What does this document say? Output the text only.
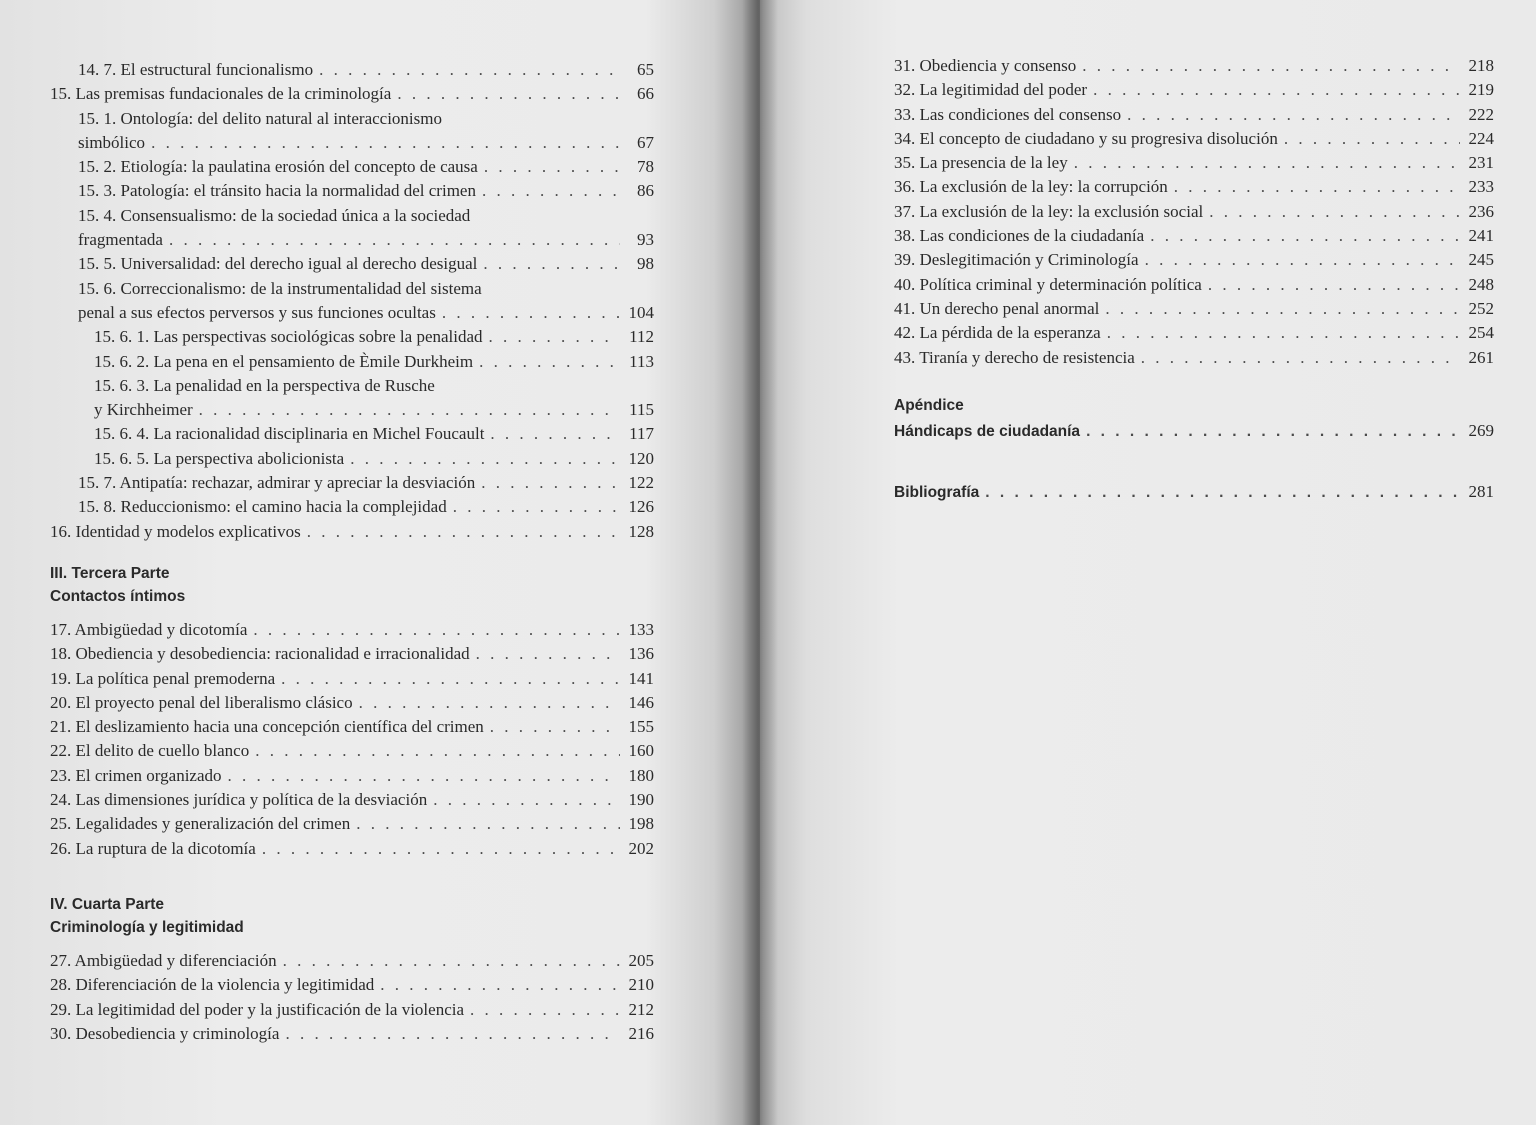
14. 7. El estructural funcionalismo . . .	65
15. Las premisas fundacionales de la criminología . . .	66
15. 1. Ontología: del delito natural al interaccionismo
simbólico . . .	67
15. 2. Etiología: la paulatina erosión del concepto de causa . . .	78
15. 3. Patología: el tránsito hacia la normalidad del crimen . . .	86
15. 4. Consensualismo: de la sociedad única a la sociedad
fragmentada . . .	93
15. 5. Universalidad: del derecho igual al derecho desigual . . .	98
15. 6. Correccionalismo: de la instrumentalidad del sistema
penal a sus efectos perversos y sus funciones ocultas . . .	104
15. 6. 1. Las perspectivas sociológicas sobre la penalidad . . .	112
15. 6. 2. La pena en el pensamiento de Èmile Durkheim . . .	113
15. 6. 3. La penalidad en la perspectiva de Rusche
y Kirchheimer . . .	115
15. 6. 4. La racionalidad disciplinaria en Michel Foucault . . .	117
15. 6. 5. La perspectiva abolicionista . . .	120
15. 7. Antipatía: rechazar, admirar y apreciar la desviación . . .	122
15. 8. Reduccionismo: el camino hacia la complejidad . . .	126
16. Identidad y modelos explicativos . . .	128
III. Tercera Parte
Contactos íntimos
17. Ambigüedad y dicotomía . . .	133
18. Obediencia y desobediencia: racionalidad e irracionalidad . . .	136
19. La política penal premoderna . . .	141
20. El proyecto penal del liberalismo clásico . . .	146
21. El deslizamiento hacia una concepción científica del crimen . . .	155
22. El delito de cuello blanco . . .	160
23. El crimen organizado . . .	180
24. Las dimensiones jurídica y política de la desviación . . .	190
25. Legalidades y generalización del crimen . . .	198
26. La ruptura de la dicotomía . . .	202
IV. Cuarta Parte
Criminología y legitimidad
27. Ambigüedad y diferenciación . . .	205
28. Diferenciación de la violencia y legitimidad . . .	210
29. La legitimidad del poder y la justificación de la violencia . . .	212
30. Desobediencia y criminología . . .	216
31. Obediencia y consenso . . .	218
32. La legitimidad del poder . . .	219
33. Las condiciones del consenso . . .	222
34. El concepto de ciudadano y su progresiva disolución . . .	224
35. La presencia de la ley . . .	231
36. La exclusión de la ley: la corrupción . . .	233
37. La exclusión de la ley: la exclusión social . . .	236
38. Las condiciones de la ciudadanía . . .	241
39. Deslegitimación y Criminología . . .	245
40. Política criminal y determinación política . . .	248
41. Un derecho penal anormal . . .	252
42. La pérdida de la esperanza . . .	254
43. Tiranía y derecho de resistencia . . .	261
Apéndice
Hándicaps de ciudadanía . . .	269
Bibliografía . . .	281
